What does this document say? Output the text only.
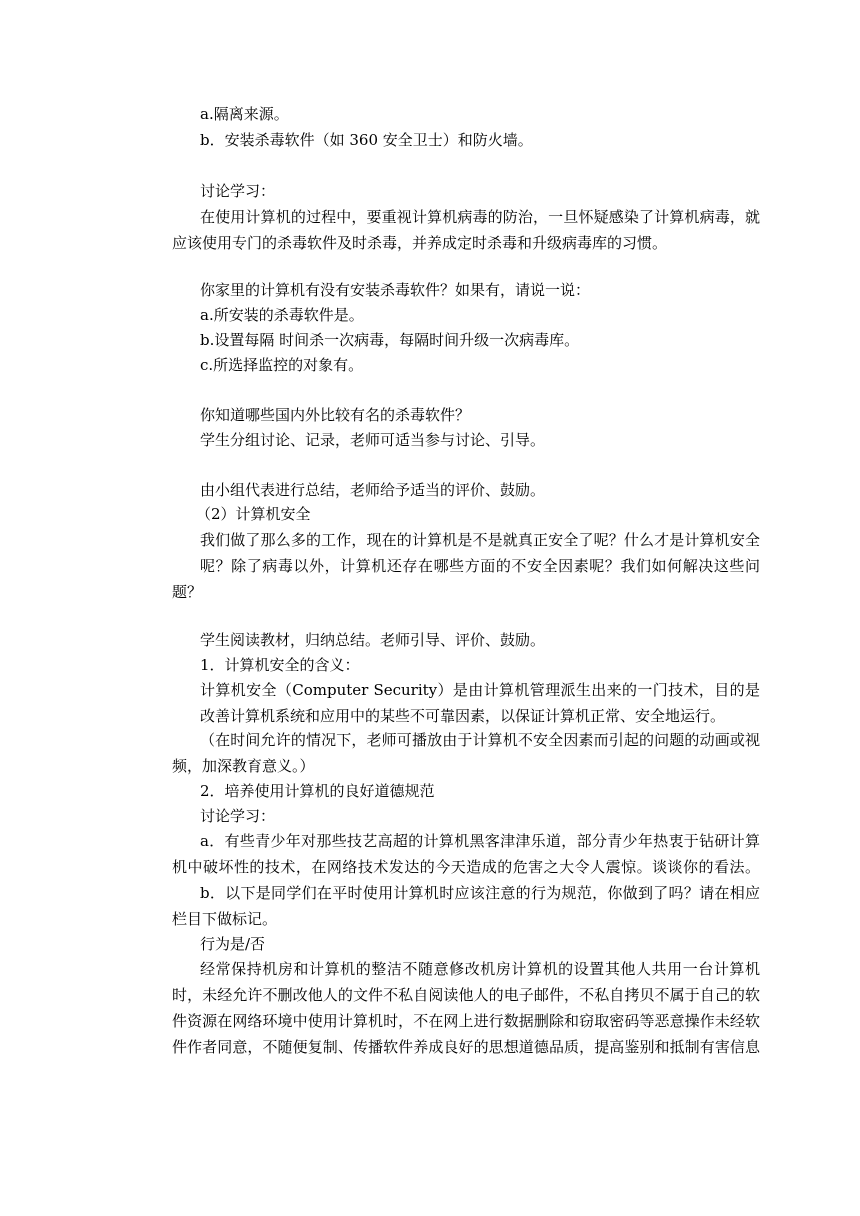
a.隔离来源。
b．安装杀毒软件（如 360 安全卫士）和防火墙。
讨论学习：
在使用计算机的过程中，要重视计算机病毒的防治，一旦怀疑感染了计算机病毒，就
应该使用专门的杀毒软件及时杀毒，并养成定时杀毒和升级病毒库的习惯。
你家里的计算机有没有安装杀毒软件？如果有，请说一说：
a.所安装的杀毒软件是。
b.设置每隔 时间杀一次病毒，每隔时间升级一次病毒库。
c.所选择监控的对象有。
你知道哪些国内外比较有名的杀毒软件？
学生分组讨论、记录，老师可适当参与讨论、引导。
由小组代表进行总结，老师给予适当的评价、鼓励。
（2）计算机安全
我们做了那么多的工作，现在的计算机是不是就真正安全了呢？什么才是计算机安全
呢？除了病毒以外，计算机还存在哪些方面的不安全因素呢？我们如何解决这些问
题？
学生阅读教材，归纳总结。老师引导、评价、鼓励。
1．计算机安全的含义：
计算机安全（Computer Security）是由计算机管理派生出来的一门技术，目的是
改善计算机系统和应用中的某些不可靠因素，以保证计算机正常、安全地运行。
（在时间允许的情况下，老师可播放由于计算机不安全因素而引起的问题的动画或视
频，加深教育意义。）
2．培养使用计算机的良好道德规范
讨论学习：
a．有些青少年对那些技艺高超的计算机黑客津津乐道，部分青少年热衷于钻研计算
机中破坏性的技术，在网络技术发达的今天造成的危害之大令人震惊。谈谈你的看法。
b．以下是同学们在平时使用计算机时应该注意的行为规范，你做到了吗？请在相应
栏目下做标记。
行为是/否
经常保持机房和计算机的整洁不随意修改机房计算机的设置其他人共用一台计算机
时，未经允许不删改他人的文件不私自阅读他人的电子邮件，不私自拷贝不属于自己的软
件资源在网络环境中使用计算机时，不在网上进行数据删除和窃取密码等恶意操作未经软
件作者同意，不随便复制、传播软件养成良好的思想道德品质，提高鉴别和抵制有害信息
